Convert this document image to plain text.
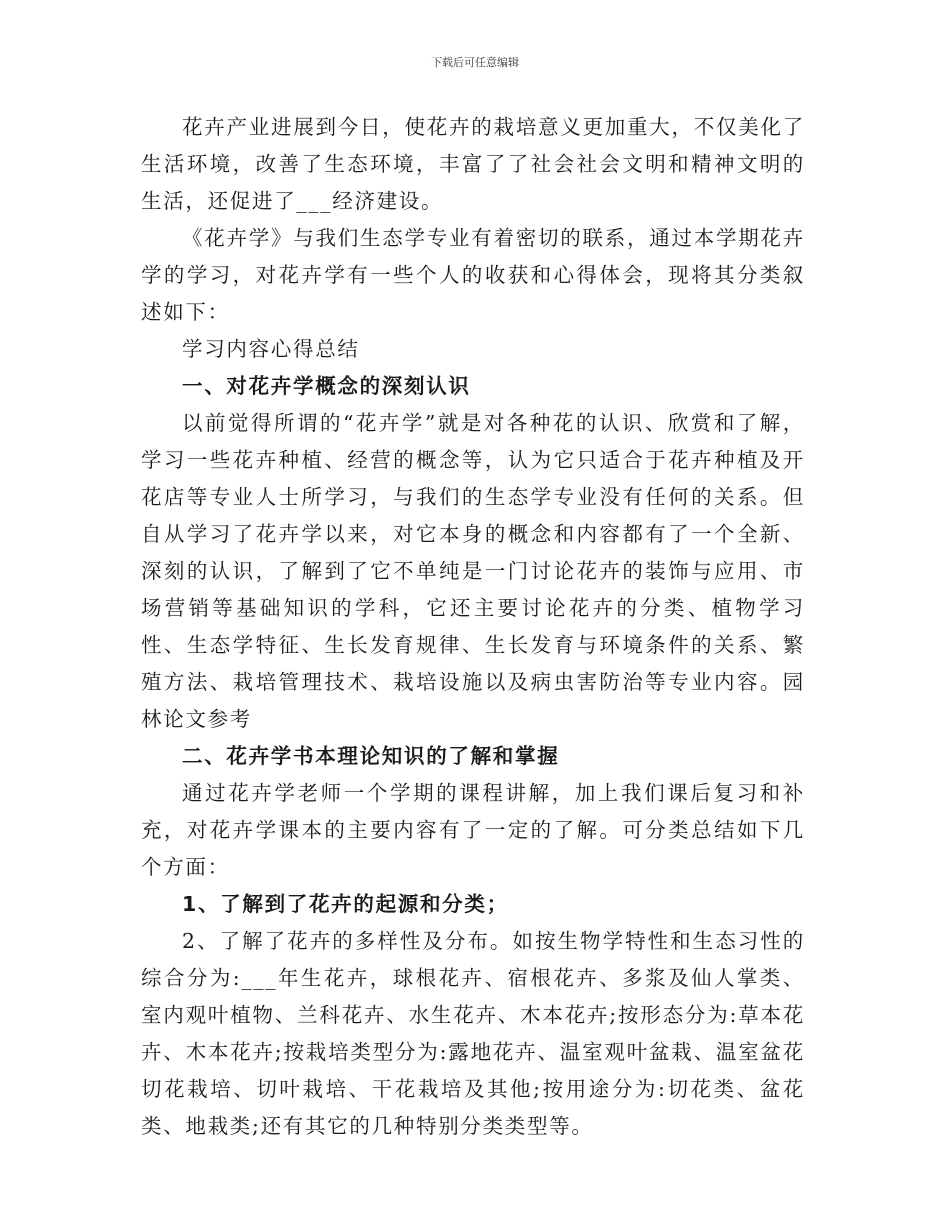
下载后可任意编辑

花卉产业进展到今日，使花卉的栽培意义更加重大，不仅美化了生活环境，改善了生态环境，丰富了了社会社会文明和精神文明的生活，还促进了___经济建设。

《花卉学》与我们生态学专业有着密切的联系，通过本学期花卉学的学习，对花卉学有一些个人的收获和心得体会，现将其分类叙述如下：

学习内容心得总结

一、对花卉学概念的深刻认识

以前觉得所谓的“花卉学”就是对各种花的认识、欣赏和了解，学习一些花卉种植、经营的概念等，认为它只适合于花卉种植及开花店等专业人士所学习，与我们的生态学专业没有任何的关系。但自从学习了花卉学以来，对它本身的概念和内容都有了一个全新、深刻的认识，了解到了它不单纯是一门讨论花卉的装饰与应用、市场营销等基础知识的学科，它还主要讨论花卉的分类、植物学习性、生态学特征、生长发育规律、生长发育与环境条件的关系、繁殖方法、栽培管理技术、栽培设施以及病虫害防治等专业内容。园林论文参考

二、花卉学书本理论知识的了解和掌握

通过花卉学老师一个学期的课程讲解，加上我们课后复习和补充，对花卉学课本的主要内容有了一定的了解。可分类总结如下几个方面：

1、了解到了花卉的起源和分类；

2、了解了花卉的多样性及分布。如按生物学特性和生态习性的综合分为:___年生花卉，球根花卉、宿根花卉、多浆及仙人掌类、室内观叶植物、兰科花卉、水生花卉、木本花卉;按形态分为:草本花卉、木本花卉;按栽培类型分为:露地花卉、温室观叶盆栽、温室盆花切花栽培、切叶栽培、干花栽培及其他;按用途分为:切花类、盆花类、地栽类;还有其它的几种特别分类类型等。
